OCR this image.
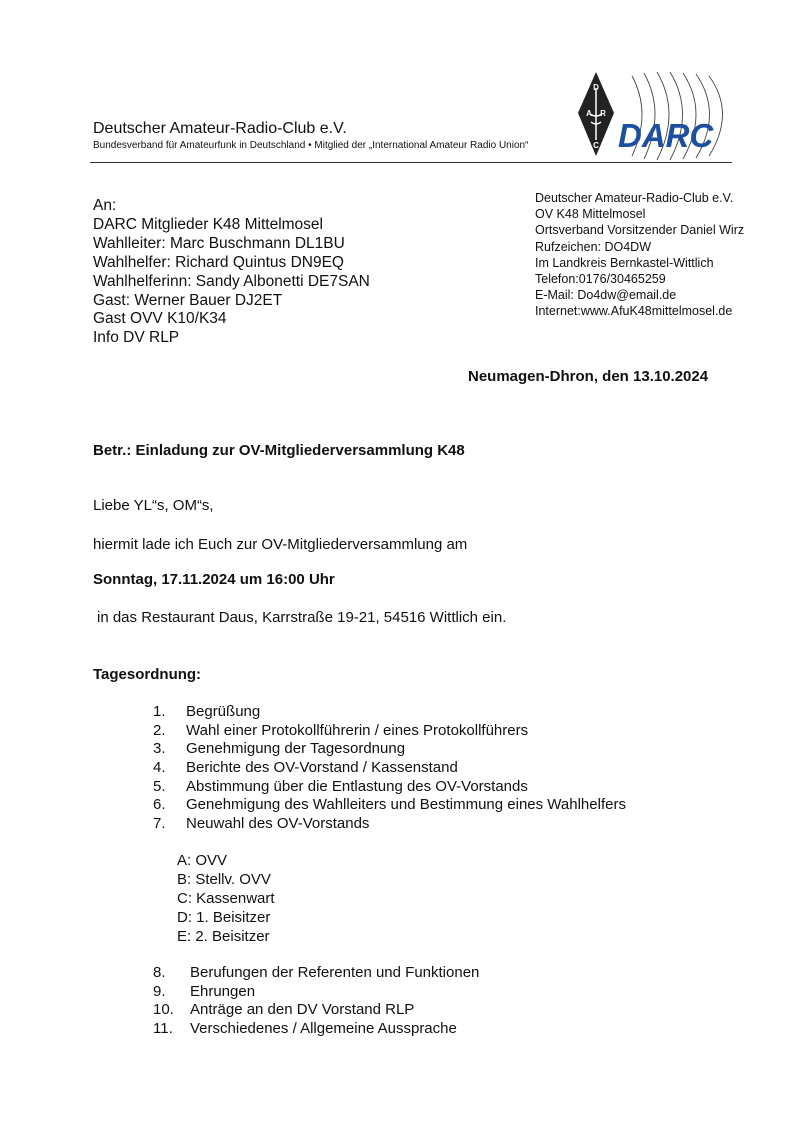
Deutscher Amateur-Radio-Club e.V.
Bundesverband für Amateurfunk in Deutschland • Mitglied der „International Amateur Radio Union“
D
A R
C DARC
An:
DARC Mitglieder K48 Mittelmosel
Wahlleiter: Marc Buschmann DL1BU
Wahlhelfer: Richard Quintus DN9EQ
Wahlhelferinn: Sandy Albonetti DE7SAN
Gast: Werner Bauer DJ2ET
Gast OVV K10/K34
Info DV RLP
Deutscher Amateur-Radio-Club e.V.
OV K48 Mittelmosel
Ortsverband Vorsitzender Daniel Wirz
Rufzeichen: DO4DW
Im Landkreis Bernkastel-Wittlich
Telefon:0176/30465259
E-Mail: Do4dw@email.de
Internet:www.AfuK48mittelmosel.de
Neumagen-Dhron, den 13.10.2024
Betr.: Einladung zur OV-Mitgliederversammlung K48
Liebe YL“s, OM“s,
hiermit lade ich Euch zur OV-Mitgliederversammlung am
Sonntag, 17.11.2024 um 16:00 Uhr
in das Restaurant Daus, Karrstraße 19-21, 54516 Wittlich ein.
Tagesordnung:
1. Begrüßung
2. Wahl einer Protokollführerin / eines Protokollführers
3. Genehmigung der Tagesordnung
4. Berichte des OV-Vorstand / Kassenstand
5. Abstimmung über die Entlastung des OV-Vorstands
6. Genehmigung des Wahlleiters und Bestimmung eines Wahlhelfers
7. Neuwahl des OV-Vorstands
A: OVV
B: Stellv. OVV
C: Kassenwart
D: 1. Beisitzer
E: 2. Beisitzer
8. Berufungen der Referenten und Funktionen
9. Ehrungen
10. Anträge an den DV Vorstand RLP
11. Verschiedenes / Allgemeine Aussprache
